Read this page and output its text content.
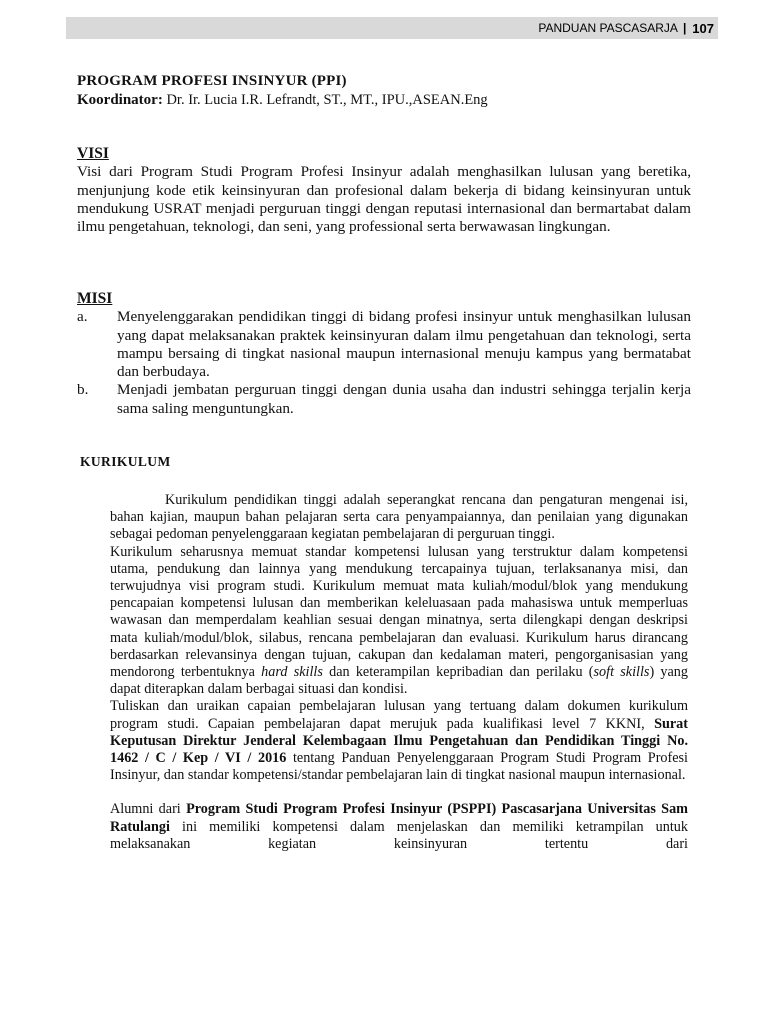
PANDUAN PASCASARJA | 107

PROGRAM PROFESI INSINYUR (PPI)

Koordinator: Dr. Ir. Lucia I.R. Lefrandt, ST., MT., IPU.,ASEAN.Eng

VISI

Visi dari Program Studi Program Profesi Insinyur adalah menghasilkan lulusan yang beretika, menjunjung kode etik keinsinyuran dan profesional dalam bekerja di bidang keinsinyuran untuk mendukung USRAT menjadi perguruan tinggi dengan reputasi internasional dan bermartabat dalam ilmu pengetahuan, teknologi, dan seni, yang professional serta berwawasan lingkungan.

MISI

a.	Menyelenggarakan pendidikan tinggi di bidang profesi insinyur untuk menghasilkan lulusan yang dapat melaksanakan praktek keinsinyuran dalam ilmu pengetahuan dan teknologi, serta mampu bersaing di tingkat nasional maupun internasional menuju kampus yang bermatabat dan berbudaya.
b.	Menjadi jembatan perguruan tinggi dengan dunia usaha dan industri sehingga terjalin kerja sama saling menguntungkan.

KURIKULUM

Kurikulum pendidikan tinggi adalah seperangkat rencana dan pengaturan mengenai isi, bahan kajian, maupun bahan pelajaran serta cara penyampaiannya, dan penilaian yang digunakan sebagai pedoman penyelenggaraan kegiatan pembelajaran di perguruan tinggi.

Kurikulum seharusnya memuat standar kompetensi lulusan yang terstruktur dalam kompetensi utama, pendukung dan lainnya yang mendukung tercapainya tujuan, terlaksananya misi, dan terwujudnya visi program studi. Kurikulum memuat mata kuliah/modul/blok yang mendukung pencapaian kompetensi lulusan dan memberikan keleluasaan pada mahasiswa untuk memperluas wawasan dan memperdalam keahlian sesuai dengan minatnya, serta dilengkapi dengan deskripsi mata kuliah/modul/blok, silabus, rencana pembelajaran dan evaluasi. Kurikulum harus dirancang berdasarkan relevansinya dengan tujuan, cakupan dan kedalaman materi, pengorganisasian yang mendorong terbentuknya hard skills dan keterampilan kepribadian dan perilaku (soft skills) yang dapat diterapkan dalam berbagai situasi dan kondisi.

Tuliskan dan uraikan capaian pembelajaran lulusan yang tertuang dalam dokumen kurikulum program studi. Capaian pembelajaran dapat merujuk pada kualifikasi level 7 KKNI, Surat Keputusan Direktur Jenderal Kelembagaan Ilmu Pengetahuan dan Pendidikan Tinggi No. 1462 / C / Kep / VI / 2016 tentang Panduan Penyelenggaraan Program Studi Program Profesi Insinyur, dan standar kompetensi/standar pembelajaran lain di tingkat nasional maupun internasional.

Alumni dari Program Studi Program Profesi Insinyur (PSPPI) Pascasarjana Universitas Sam Ratulangi ini memiliki kompetensi dalam menjelaskan dan memiliki ketrampilan untuk melaksanakan kegiatan keinsinyuran tertentu dari
